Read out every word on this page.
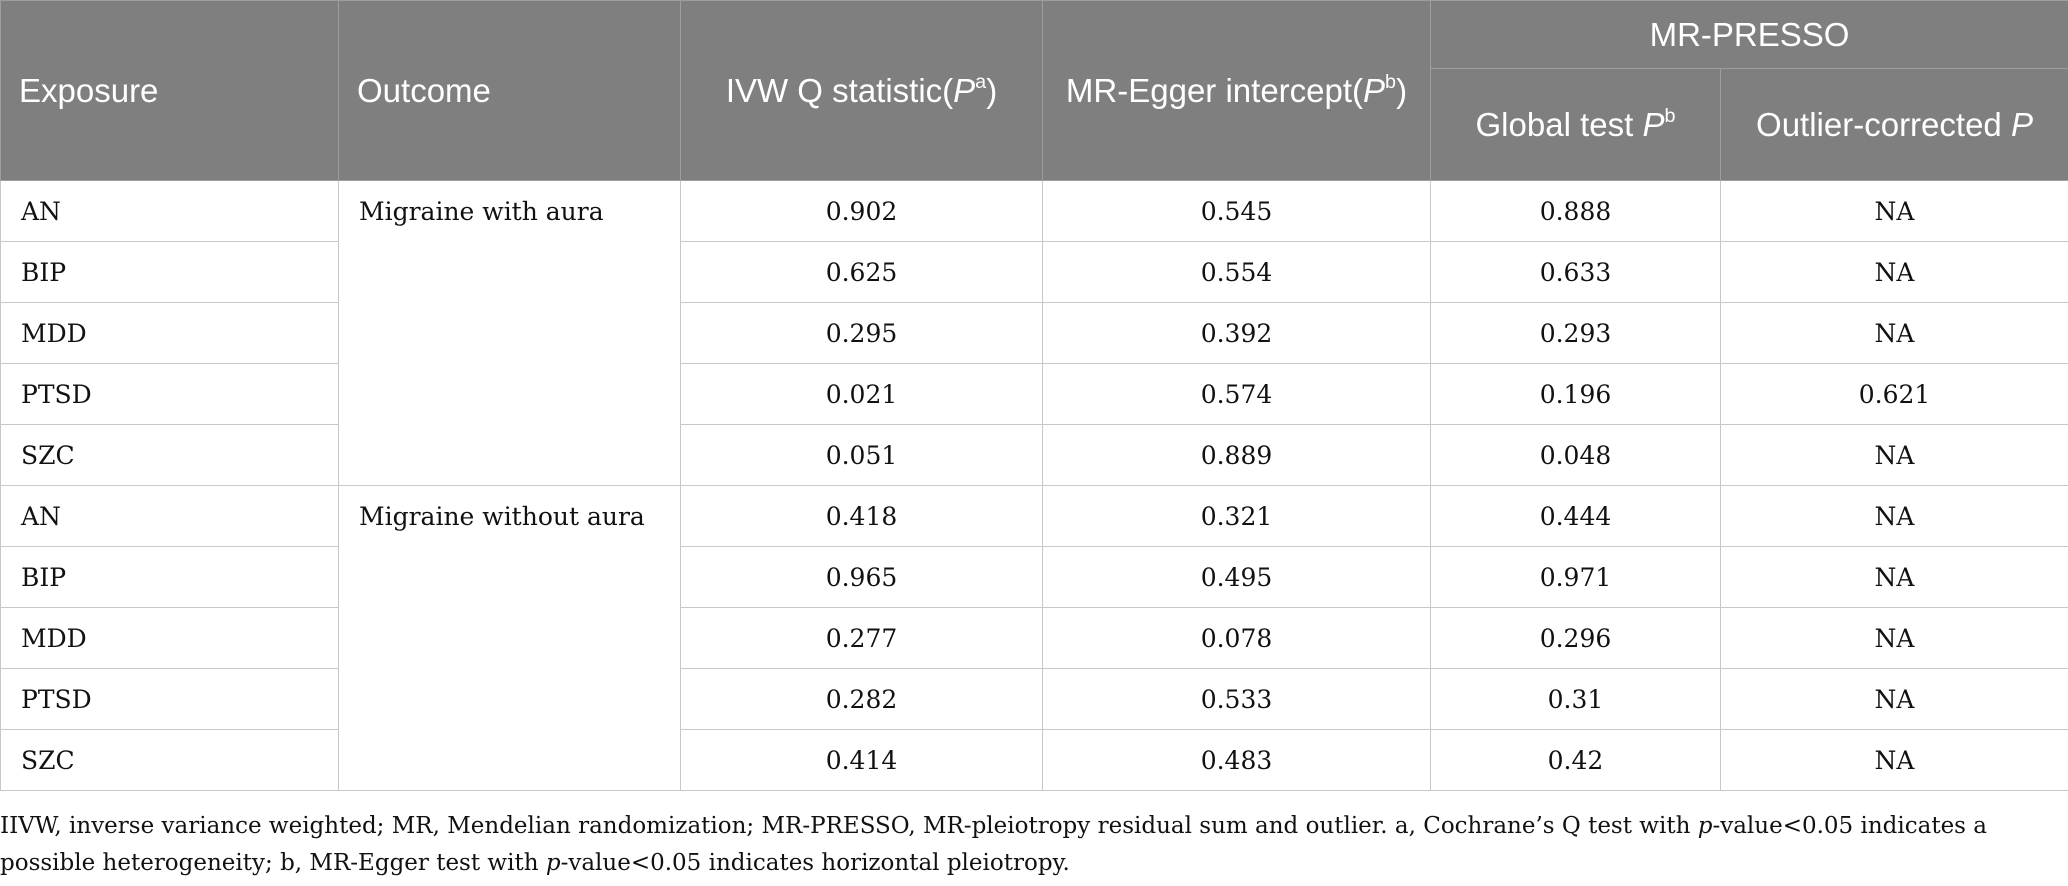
Exposure	Outcome	IVW Q $statistic(P^a)$	MR-Egger $intercept(P^b)$	MR-PRESSO	
				Global test $P^b$	Outlier-corrected P
AN	Migraine with aura	0.902	0.545	0.888	NA
BIP		0.625	0.554	0.633	NA
MDD		0.295	0.392	0.293	NA
PTSD		0.021	0.574	0.196	0.621
SZC		0.051	0.889	0.048	NA
AN	Migraine without aura	0.418	0.321	0.444	NA
BIP		0.965	0.495	0.971	NA
MDD		0.277	0.078	0.296	NA
PTSD		0.282	0.533	0.31	NA
SZC		0.414	0.483	0.42	NA
IIVW, inverse variance weighted; MR, Mendelian randomization; MR-PRESSO, MR-pleiotropy residual sum and outlier. a, Cochrane’s Q test with p-value<0.05 indicates a possible heterogeneity; b, MR-Egger test with p-value<0.05 indicates horizontal pleiotropy.
